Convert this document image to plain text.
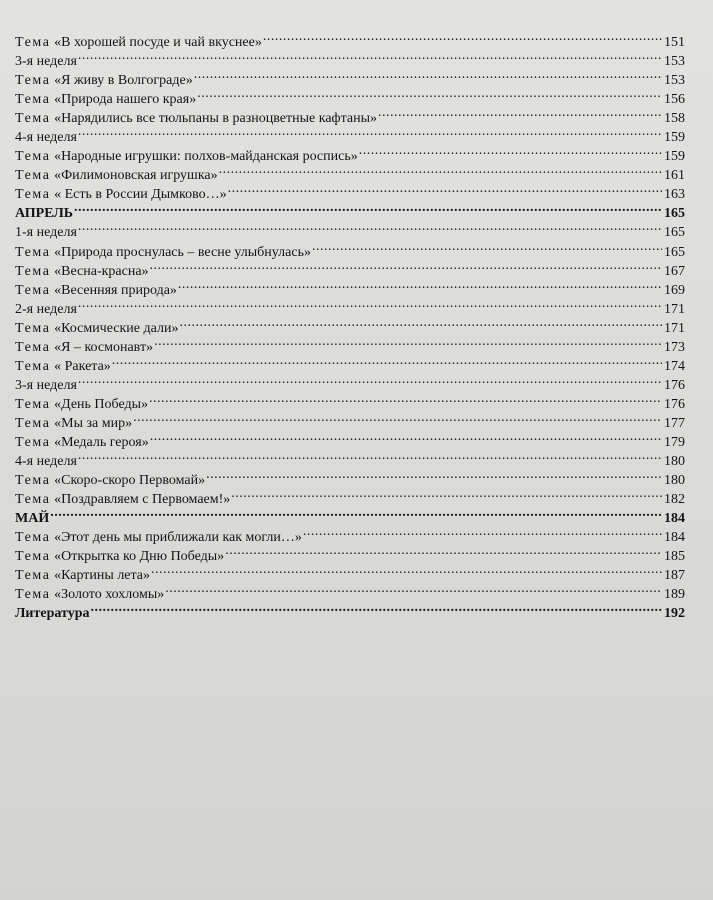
Тема «В хорошей посуде и чай вкуснее» .....	151
3-я неделя .....	153
Тема «Я живу в Волгограде» .....	153
Тема «Природа нашего края» .....	156
Тема «Нарядились все тюльпаны в разноцветные кафтаны» .....	158
4-я неделя .....	159
Тема «Народные игрушки: полхов-майданская роспись» .....	159
Тема «Филимоновская игрушка» .....	161
Тема « Есть в России Дымково…» .....	163
АПРЕЛЬ .....	165
1-я неделя .....	165
Тема «Природа проснулась – весне улыбнулась» .....	165
Тема «Весна-красна» .....	167
Тема «Весенняя природа» .....	169
2-я неделя .....	171
Тема «Космические дали» .....	171
Тема «Я – космонавт» .....	173
Тема « Ракета» .....	174
3-я неделя .....	176
Тема «День Победы» .....	176
Тема «Мы за мир» .....	177
Тема «Медаль героя» .....	179
4-я неделя .....	180
Тема «Скоро-скоро Первомай» .....	180
Тема «Поздравляем с Первомаем!» .....	182
МАЙ .....	184
Тема «Этот день мы приближали как могли…» .....	184
Тема «Открытка ко Дню Победы» .....	185
Тема «Картины лета» .....	187
Тема «Золото хохломы» .....	189
Литература .....	192
